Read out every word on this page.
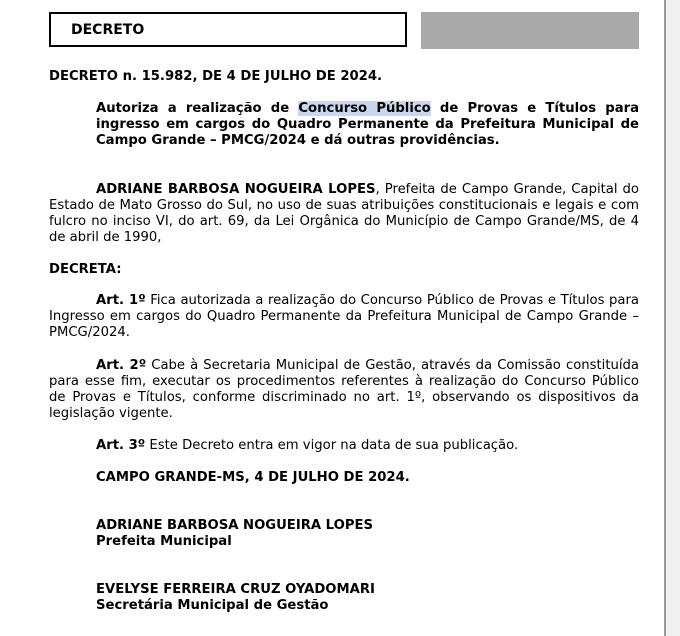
DECRETO
DECRETO n. 15.982, DE 4 DE JULHO DE 2024.
Autoriza a realização de Concurso Público de Provas e Títulos para ingresso em cargos do Quadro Permanente da Prefeitura Municipal de Campo Grande – PMCG/2024 e dá outras providências.
ADRIANE BARBOSA NOGUEIRA LOPES, Prefeita de Campo Grande, Capital do Estado de Mato Grosso do Sul, no uso de suas atribuições constitucionais e legais e com fulcro no inciso VI, do art. 69, da Lei Orgânica do Município de Campo Grande/MS, de 4 de abril de 1990,
DECRETA:
Art. 1º Fica autorizada a realização do Concurso Público de Provas e Títulos para Ingresso em cargos do Quadro Permanente da Prefeitura Municipal de Campo Grande – PMCG/2024.
Art. 2º Cabe à Secretaria Municipal de Gestão, através da Comissão constituída para esse fim, executar os procedimentos referentes à realização do Concurso Público de Provas e Títulos, conforme discriminado no art. 1º, observando os dispositivos da legislação vigente.
Art. 3º Este Decreto entra em vigor na data de sua publicação.
CAMPO GRANDE-MS, 4 DE JULHO DE 2024.
ADRIANE BARBOSA NOGUEIRA LOPES
Prefeita Municipal
EVELYSE FERREIRA CRUZ OYADOMARI
Secretária Municipal de Gestão
